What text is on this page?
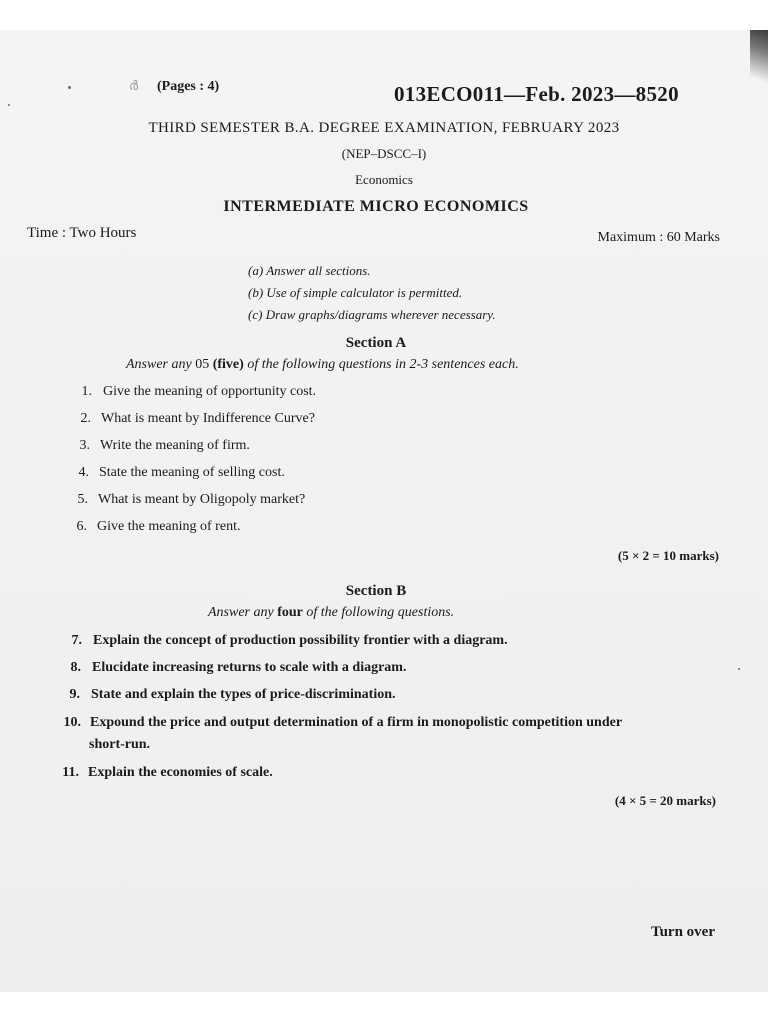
ർ (Pages : 4)	013ECO011—Feb. 2023—8520
THIRD SEMESTER B.A. DEGREE EXAMINATION, FEBRUARY 2023
(NEP–DSCC–I)
Economics
INTERMEDIATE MICRO ECONOMICS
Time : Two Hours	Maximum : 60 Marks
(a) Answer all sections.
(b) Use of simple calculator is permitted.
(c) Draw graphs/diagrams wherever necessary.
Section A
Answer any 05 (five) of the following questions in 2-3 sentences each.
1. Give the meaning of opportunity cost.
2. What is meant by Indifference Curve?
3. Write the meaning of firm.
4. State the meaning of selling cost.
5. What is meant by Oligopoly market?
6. Give the meaning of rent.
(5 × 2 = 10 marks)
Section B
Answer any four of the following questions.
7. Explain the concept of production possibility frontier with a diagram.
8. Elucidate increasing returns to scale with a diagram.
9. State and explain the types of price-discrimination.
10. Expound the price and output determination of a firm in monopolistic competition under
short-run.
11. Explain the economies of scale.
(4 × 5 = 20 marks)
Turn over
